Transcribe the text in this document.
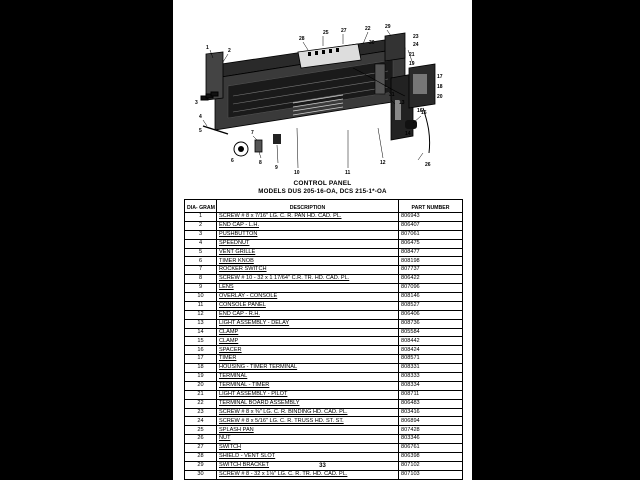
1	2
3
4
5
6
7
8
9
10	11
12
13
14
15
16
17
18
19
20
21
22
23
24
25
26
27
28
29
30
31
CONTROL PANEL
MODELS DUS 205-16-OA, DCS 215-1*-OA
DIA- GRAM	DESCRIPTION	PART NUMBER
1	SCREW # 8 x 7/16" LG. C. R. PAN HD. CAD. PL.	806943
2	END CAP - L.H.	806407
3	PUSHBUTTON	807061
4	SPEEDNUT	806475
5	VENT GRILLE	808477
6	TIMER KNOB	808198
7	ROCKER SWITCH	807737
8	SCREW # 10 - 32 x 1 17/64" C.R. TR. HD. CAD. PL.	806422
9	LENS	807096
10	OVERLAY - CONSOLE	808146
11	CONSOLE PANEL	808527
12	END CAP - R.H.	806406
13	LIGHT ASSEMBLY - DELAY	808736
14	CLAMP	805584
15	CLAMP	808442
16	SPACER	808424
17	TIMER	808571
18	HOUSING - TIMER TERMINAL	808331
19	TERMINAL	808333
20	TERMINAL - TIMER	808334
21	LIGHT ASSEMBLY - PILOT	808711
22	TERMINAL BOARD ASSEMBLY	806483
23	SCREW # 8 x ⅜" LG. C. R. BINDING HD. CAD. PL.	803416
24	SCREW # 8 x 5/16" LG. C. R. TRUSS HD. ST. ST.	806894
25	SPLASH PAN	807428
26	NUT	803346
27	SWITCH	806761
28	SHIELD - VENT SLOT	806398
29	SWITCH BRACKET	807102
30	SCREW # 8 - 32 x 1⅛" LG. C. R. TR. HD. CAD. PL.	807103
33
